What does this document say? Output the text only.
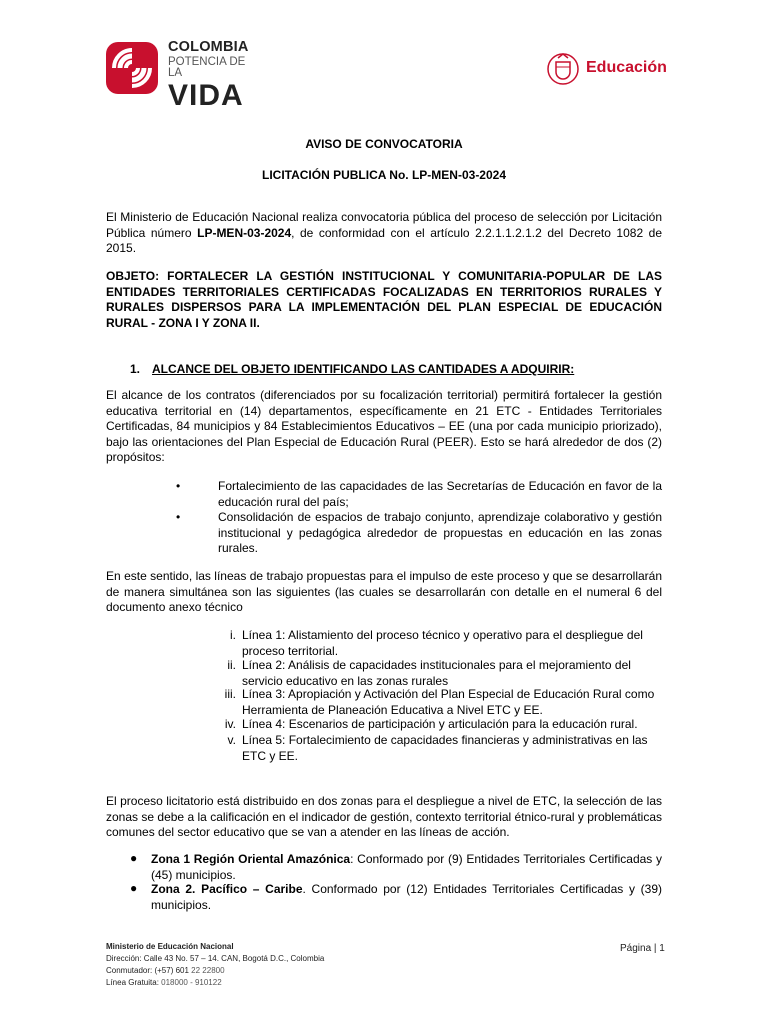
COLOMBIA
POTENCIA DE LA
VIDA
Educación
AVISO DE CONVOCATORIA
LICITACIÓN PUBLICA No. LP-MEN-03-2024
El Ministerio de Educación Nacional realiza convocatoria pública del proceso de selección por Licitación Pública número LP-MEN-03-2024, de conformidad con el artículo 2.2.1.1.2.1.2 del Decreto 1082 de 2015.
OBJETO: FORTALECER LA GESTIÓN INSTITUCIONAL Y COMUNITARIA-POPULAR DE LAS ENTIDADES TERRITORIALES CERTIFICADAS FOCALIZADAS EN TERRITORIOS RURALES Y RURALES DISPERSOS PARA LA IMPLEMENTACIÓN DEL PLAN ESPECIAL DE EDUCACIÓN RURAL - ZONA I Y ZONA II.
1. ALCANCE DEL OBJETO IDENTIFICANDO LAS CANTIDADES A ADQUIRIR:
El alcance de los contratos (diferenciados por su focalización territorial) permitirá fortalecer la gestión educativa territorial en (14) departamentos, específicamente en 21 ETC - Entidades Territoriales Certificadas, 84 municipios y 84 Establecimientos Educativos – EE (una por cada municipio priorizado), bajo las orientaciones del Plan Especial de Educación Rural (PEER). Esto se hará alrededor de dos (2) propósitos:
•	Fortalecimiento de las capacidades de las Secretarías de Educación en favor de la educación rural del país;
•	Consolidación de espacios de trabajo conjunto, aprendizaje colaborativo y gestión institucional y pedagógica alrededor de propuestas en educación en las zonas rurales.
En este sentido, las líneas de trabajo propuestas para el impulso de este proceso y que se desarrollarán de manera simultánea son las siguientes (las cuales se desarrollarán con detalle en el numeral 6 del documento anexo técnico
i. Línea 1: Alistamiento del proceso técnico y operativo para el despliegue del proceso territorial.
ii. Línea 2: Análisis de capacidades institucionales para el mejoramiento del servicio educativo en las zonas rurales
iii. Línea 3: Apropiación y Activación del Plan Especial de Educación Rural como Herramienta de Planeación Educativa a Nivel ETC y EE.
iv. Línea 4: Escenarios de participación y articulación para la educación rural.
v. Línea 5: Fortalecimiento de capacidades financieras y administrativas en las ETC y EE.
El proceso licitatorio está distribuido en dos zonas para el despliegue a nivel de ETC, la selección de las zonas se debe a la calificación en el indicador de gestión, contexto territorial étnico-rural y problemáticas comunes del sector educativo que se van a atender en las líneas de acción.
● Zona 1 Región Oriental Amazónica: Conformado por (9) Entidades Territoriales Certificadas y (45) municipios.
● Zona 2. Pacífico – Caribe. Conformado por (12) Entidades Territoriales Certificadas y (39) municipios.
Ministerio de Educación Nacional
Dirección: Calle 43 No. 57 – 14. CAN, Bogotá D.C., Colombia
Conmutador: (+57) 601 22 22800
Línea Gratuita: 018000 - 910122
Página | 1
